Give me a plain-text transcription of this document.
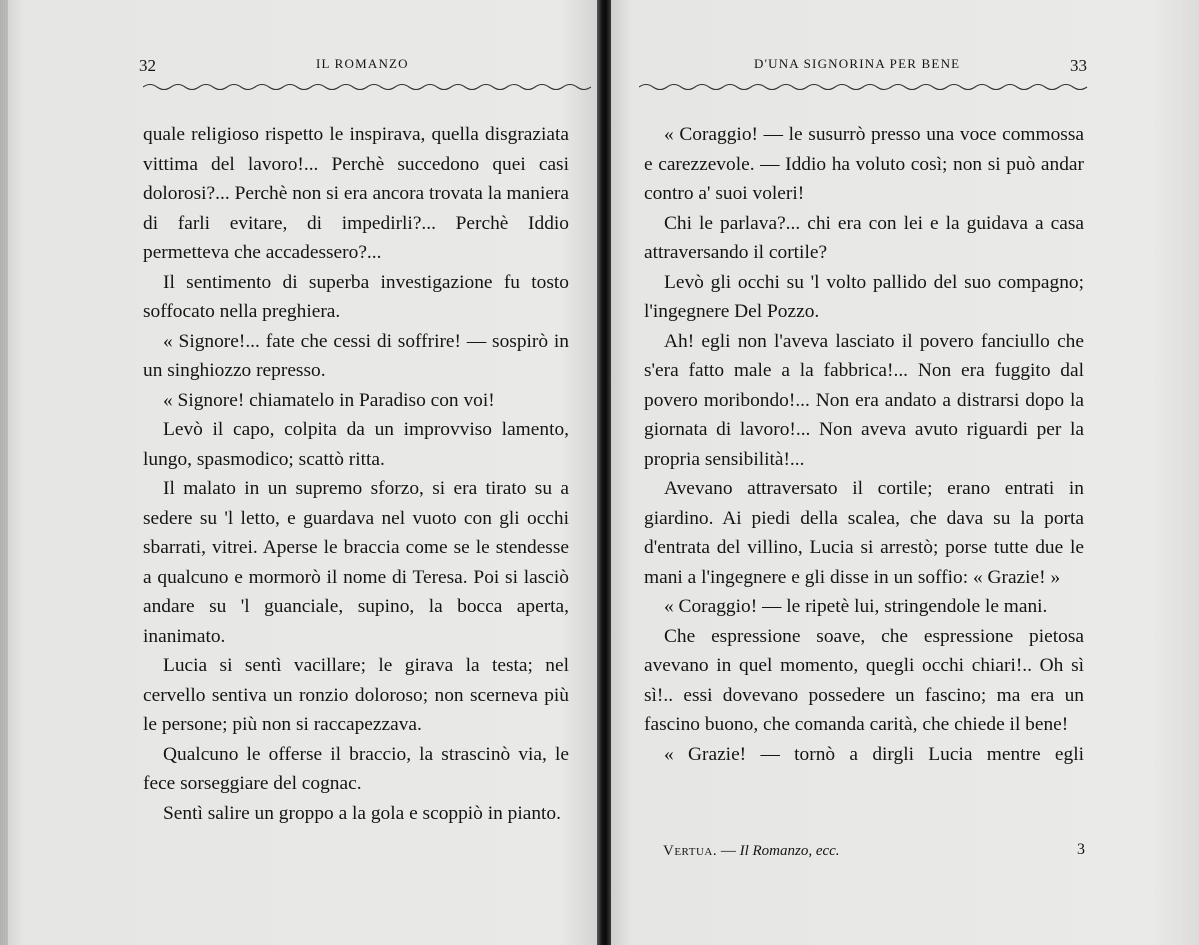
32	IL ROMANZO

quale religioso rispetto le inspirava, quella disgraziata vittima del lavoro!... Perchè succedono quei casi dolorosi?... Perchè non si era ancora trovata la maniera di farli evitare, di impedirli?... Perchè Iddio permetteva che accadessero?...

Il sentimento di superba investigazione fu tosto soffocato nella preghiera.

« Signore!... fate che cessi di soffrire! — sospirò in un singhiozzo represso.

« Signore! chiamatelo in Paradiso con voi!

Levò il capo, colpita da un improvviso lamento, lungo, spasmodico; scattò ritta.

Il malato in un supremo sforzo, si era tirato su a sedere su 'l letto, e guardava nel vuoto con gli occhi sbarrati, vitrei. Aperse le braccia come se le stendesse a qualcuno e mormorò il nome di Teresa. Poi si lasciò andare su 'l guanciale, supino, la bocca aperta, inanimato.

Lucia si sentì vacillare; le girava la testa; nel cervello sentiva un ronzio doloroso; non scerneva più le persone; più non si raccapezzava.

Qualcuno le offerse il braccio, la strascinò via, le fece sorseggiare del cognac.

Sentì salire un groppo a la gola e scoppiò in pianto.

D'UNA SIGNORINA PER BENE	33

« Coraggio! — le susurrò presso una voce commossa e carezzevole. — Iddio ha voluto così; non si può andar contro a' suoi voleri!

Chi le parlava?... chi era con lei e la guidava a casa attraversando il cortile?

Levò gli occhi su 'l volto pallido del suo compagno; l'ingegnere Del Pozzo.

Ah! egli non l'aveva lasciato il povero fanciullo che s'era fatto male a la fabbrica!... Non era fuggito dal povero moribondo!... Non era andato a distrarsi dopo la giornata di lavoro!... Non aveva avuto riguardi per la propria sensibilità!...

Avevano attraversato il cortile; erano entrati in giardino. Ai piedi della scalea, che dava su la porta d'entrata del villino, Lucia si arrestò; porse tutte due le mani a l'ingegnere e gli disse in un soffio: « Grazie! »

« Coraggio! — le ripetè lui, stringendole le mani.

Che espressione soave, che espressione pietosa avevano in quel momento, quegli occhi chiari!.. Oh sì sì!.. essi dovevano possedere un fascino; ma era un fascino buono, che comanda carità, che chiede il bene!

« Grazie! — tornò a dirgli Lucia mentre egli

Vertua. — Il Romanzo, ecc.	3
